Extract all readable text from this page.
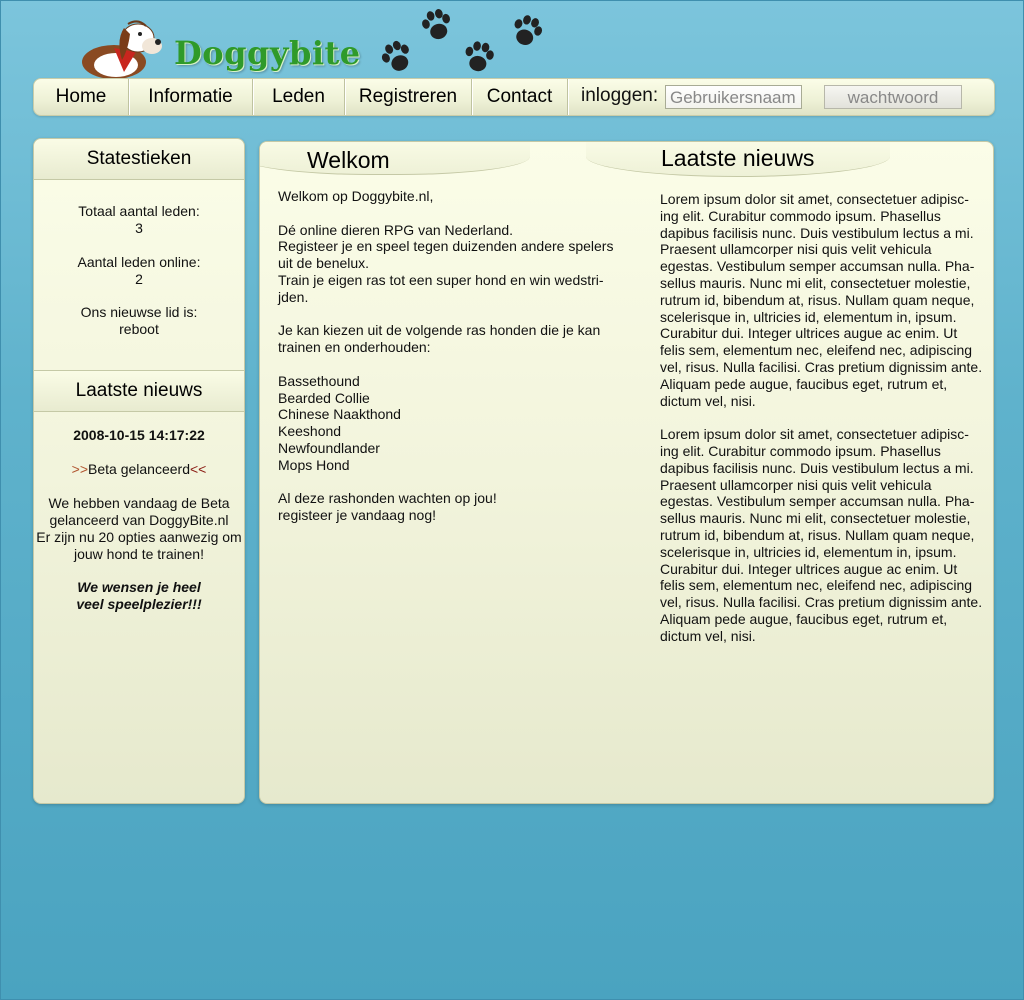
Doggybite
Home	Informatie	Leden	Registreren	Contact	inloggen: Gebruikersnaam	wachtwoord
Statestieken
Totaal aantal leden:
3
Aantal leden online:
2
Ons nieuwse lid is:
reboot
Laatste nieuws
2008-10-15 14:17:22
>>Beta gelanceerd<<
We hebben vandaag de Beta
gelanceerd van DoggyBite.nl
Er zijn nu 20 opties aanwezig om
jouw hond te trainen!
We wensen je heel
veel speelplezier!!!
Welkom	Laatste nieuws
Welkom op Doggybite.nl,
Dé online dieren RPG van Nederland.
Registeer je en speel tegen duizenden andere spelers
uit de benelux.
Train je eigen ras tot een super hond en win wedstri-
jden.
Je kan kiezen uit de volgende ras honden die je kan
trainen en onderhouden:
Bassethound
Bearded Collie
Chinese Naakthond
Keeshond
Newfoundlander
Mops Hond
Al deze rashonden wachten op jou!
registeer je vandaag nog!
Lorem ipsum dolor sit amet, consectetuer adipisc-
ing elit. Curabitur commodo ipsum. Phasellus
dapibus facilisis nunc. Duis vestibulum lectus a mi.
Praesent ullamcorper nisi quis velit vehicula
egestas. Vestibulum semper accumsan nulla. Pha-
sellus mauris. Nunc mi elit, consectetuer molestie,
rutrum id, bibendum at, risus. Nullam quam neque,
scelerisque in, ultricies id, elementum in, ipsum.
Curabitur dui. Integer ultrices augue ac enim. Ut
felis sem, elementum nec, eleifend nec, adipiscing
vel, risus. Nulla facilisi. Cras pretium dignissim ante.
Aliquam pede augue, faucibus eget, rutrum et,
dictum vel, nisi.
Lorem ipsum dolor sit amet, consectetuer adipisc-
ing elit. Curabitur commodo ipsum. Phasellus
dapibus facilisis nunc. Duis vestibulum lectus a mi.
Praesent ullamcorper nisi quis velit vehicula
egestas. Vestibulum semper accumsan nulla. Pha-
sellus mauris. Nunc mi elit, consectetuer molestie,
rutrum id, bibendum at, risus. Nullam quam neque,
scelerisque in, ultricies id, elementum in, ipsum.
Curabitur dui. Integer ultrices augue ac enim. Ut
felis sem, elementum nec, eleifend nec, adipiscing
vel, risus. Nulla facilisi. Cras pretium dignissim ante.
Aliquam pede augue, faucibus eget, rutrum et,
dictum vel, nisi.
